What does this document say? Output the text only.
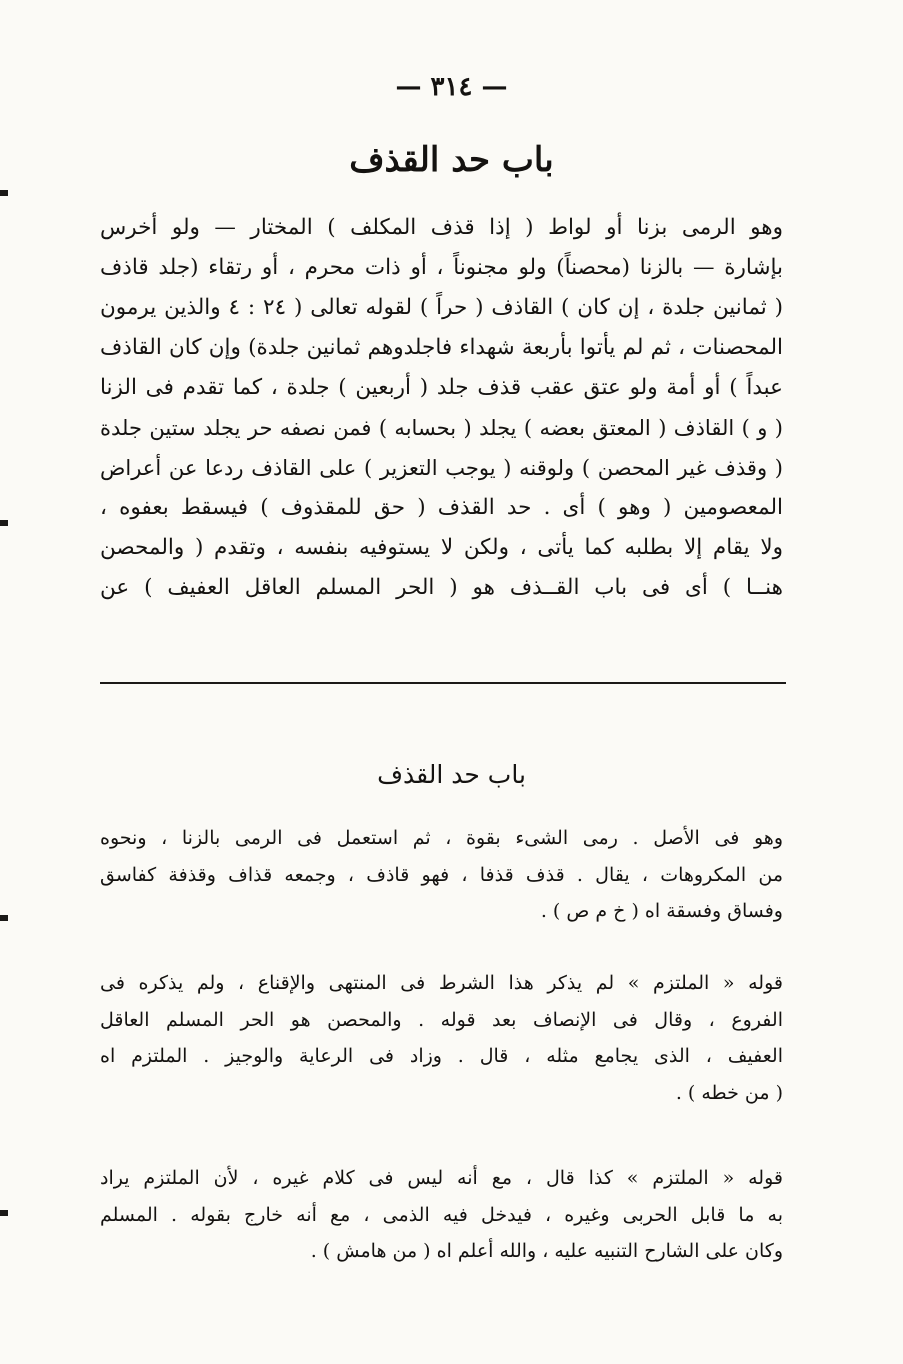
— ٣١٤ —
باب حد القذف
وهو الرمى بزنا أو لواط ( إذا قذف المكلف ) المختار — ولو أخرس
بإشارة — بالزنا (محصناً) ولو مجنوناً ، أو ذات محرم ، أو رتقاء (جلد قاذف
( ثمانين جلدة ، إن كان ) القاذف ( حراً ) لقوله تعالى ( ٢٤ : ٤ والذين يرمون
المحصنات ، ثم لم يأتوا بأربعة شهداء فاجلدوهم ثمانين جلدة) وإن كان القاذف
عبداً ) أو أمة ولو عتق عقب قذف جلد ( أربعين ) جلدة ، كما تقدم فى الزنا
( و ) القاذف ( المعتق بعضه ) يجلد ( بحسابه ) فمن نصفه حر يجلد ستين جلدة
( وقذف غير المحصن ) ولوقنه ( يوجب التعزير ) على القاذف ردعا عن أعراض
المعصومين ( وهو ) أى . حد القذف ( حق للمقذوف ) فيسقط بعفوه ،
ولا يقام إلا بطلبه كما يأتى ، ولكن لا يستوفيه بنفسه ، وتقدم ( والمحصن
هنــا ) أى فى باب القــذف هو ( الحر المسلم العاقل العفيف ) عن
باب حد القذف
وهو فى الأصل . رمى الشىء بقوة ، ثم استعمل فى الرمى بالزنا ، ونحوه
من المكروهات ، يقال . قذف قذفا ، فهو قاذف ، وجمعه قذاف وقذفة كفاسق
وفساق وفسقة اه ( خ م ص ) .
قوله « الملتزم » لم يذكر هذا الشرط فى المنتهى والإقناع ، ولم يذكره فى
الفروع ، وقال فى الإنصاف بعد قوله . والمحصن هو الحر المسلم العاقل
العفيف ، الذى يجامع مثله ، قال . وزاد فى الرعاية والوجيز . الملتزم اه
( من خطه ) .
قوله « الملتزم » كذا قال ، مع أنه ليس فى كلام غيره ، لأن الملتزم يراد
به ما قابل الحربى وغيره ، فيدخل فيه الذمى ، مع أنه خارج بقوله . المسلم
وكان على الشارح التنبيه عليه ، والله أعلم اه ( من هامش ) .
